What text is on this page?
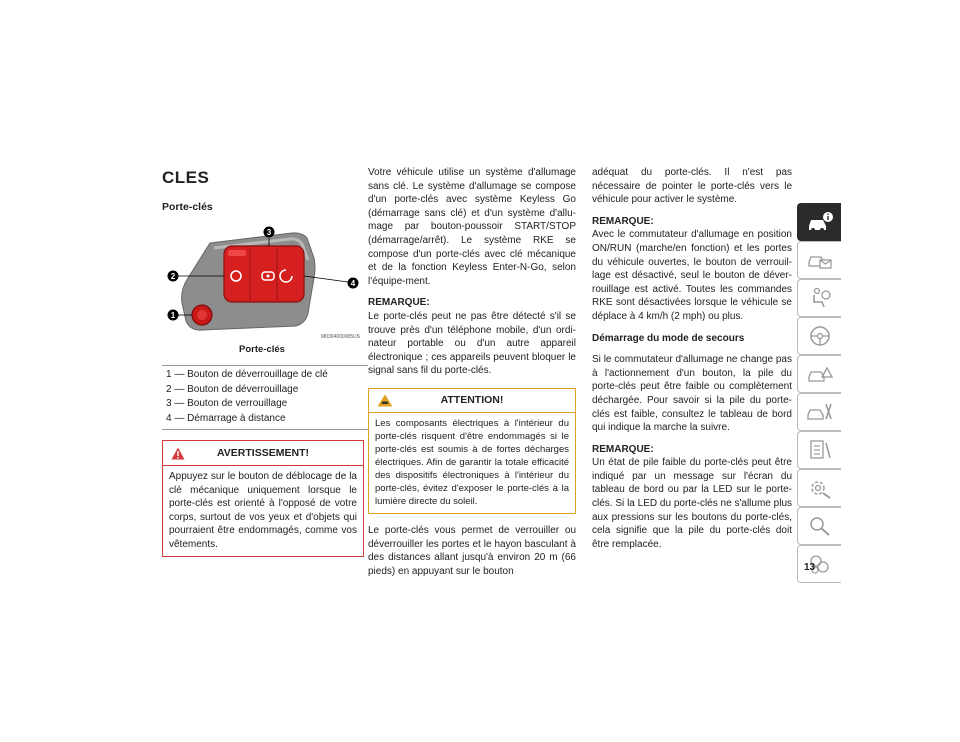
CLES
Porte-clés
1
2
3
4
M0304000005US
Porte-clés
1 — Bouton de déverrouillage de clé
2 — Bouton de déverrouillage
3 — Bouton de verrouillage
4 — Démarrage à distance
AVERTISSEMENT!
Appuyez sur le bouton de déblocage de la clé mécanique uniquement lorsque le porte-clés est orienté à l'opposé de votre corps, surtout de vos yeux et d'objets qui pourraient être endommagés, comme vos vêtements.

Votre véhicule utilise un système d'allumage sans clé. Le système d'allumage se compose d'un porte-clés avec système Keyless Go (démarrage sans clé) et d'un système d'allu-mage par bouton-poussoir START/STOP (démarrage/arrêt). Le système RKE se compose d'un porte-clés avec clé mécanique et de la fonction Keyless Enter-N-Go, selon l'équipe-ment.

REMARQUE:
Le porte-clés peut ne pas être détecté s'il se trouve près d'un téléphone mobile, d'un ordi-nateur portable ou d'un autre appareil électronique ; ces appareils peuvent bloquer le signal sans fil du porte-clés.

ATTENTION!
Les composants électriques à l'intérieur du porte-clés risquent d'être endommagés si le porte-clés est soumis à de fortes décharges électriques. Afin de garantir la totale efficacité des dispositifs électroniques à l'intérieur du porte-clés, évitez d'exposer le porte-clés à la lumière directe du soleil.

Le porte-clés vous permet de verrouiller ou déverrouiller les portes et le hayon basculant à des distances allant jusqu'à environ 20 m (66 pieds) en appuyant sur le bouton

adéquat du porte-clés. Il n'est pas nécessaire de pointer le porte-clés vers le véhicule pour activer le système.

REMARQUE:
Avec le commutateur d'allumage en position ON/RUN (marche/en fonction) et les portes du véhicule ouvertes, le bouton de verrouil-lage est désactivé, seul le bouton de déver-rouillage est activé. Toutes les commandes RKE sont désactivées lorsque le véhicule se déplace à 4 km/h (2 mph) ou plus.

Démarrage du mode de secours

Si le commutateur d'allumage ne change pas à l'actionnement d'un bouton, la pile du porte-clés peut être faible ou complètement déchargée. Pour savoir si la pile du porte-clés est faible, consultez le tableau de bord qui indique la marche la suivre.

REMARQUE:
Un état de pile faible du porte-clés peut être indiqué par un message sur l'écran du tableau de bord ou par la LED sur le porte-clés. Si la LED du porte-clés ne s'allume plus aux pressions sur les boutons du porte-clés, cela signifie que la pile du porte-clés doit être remplacée.

13
